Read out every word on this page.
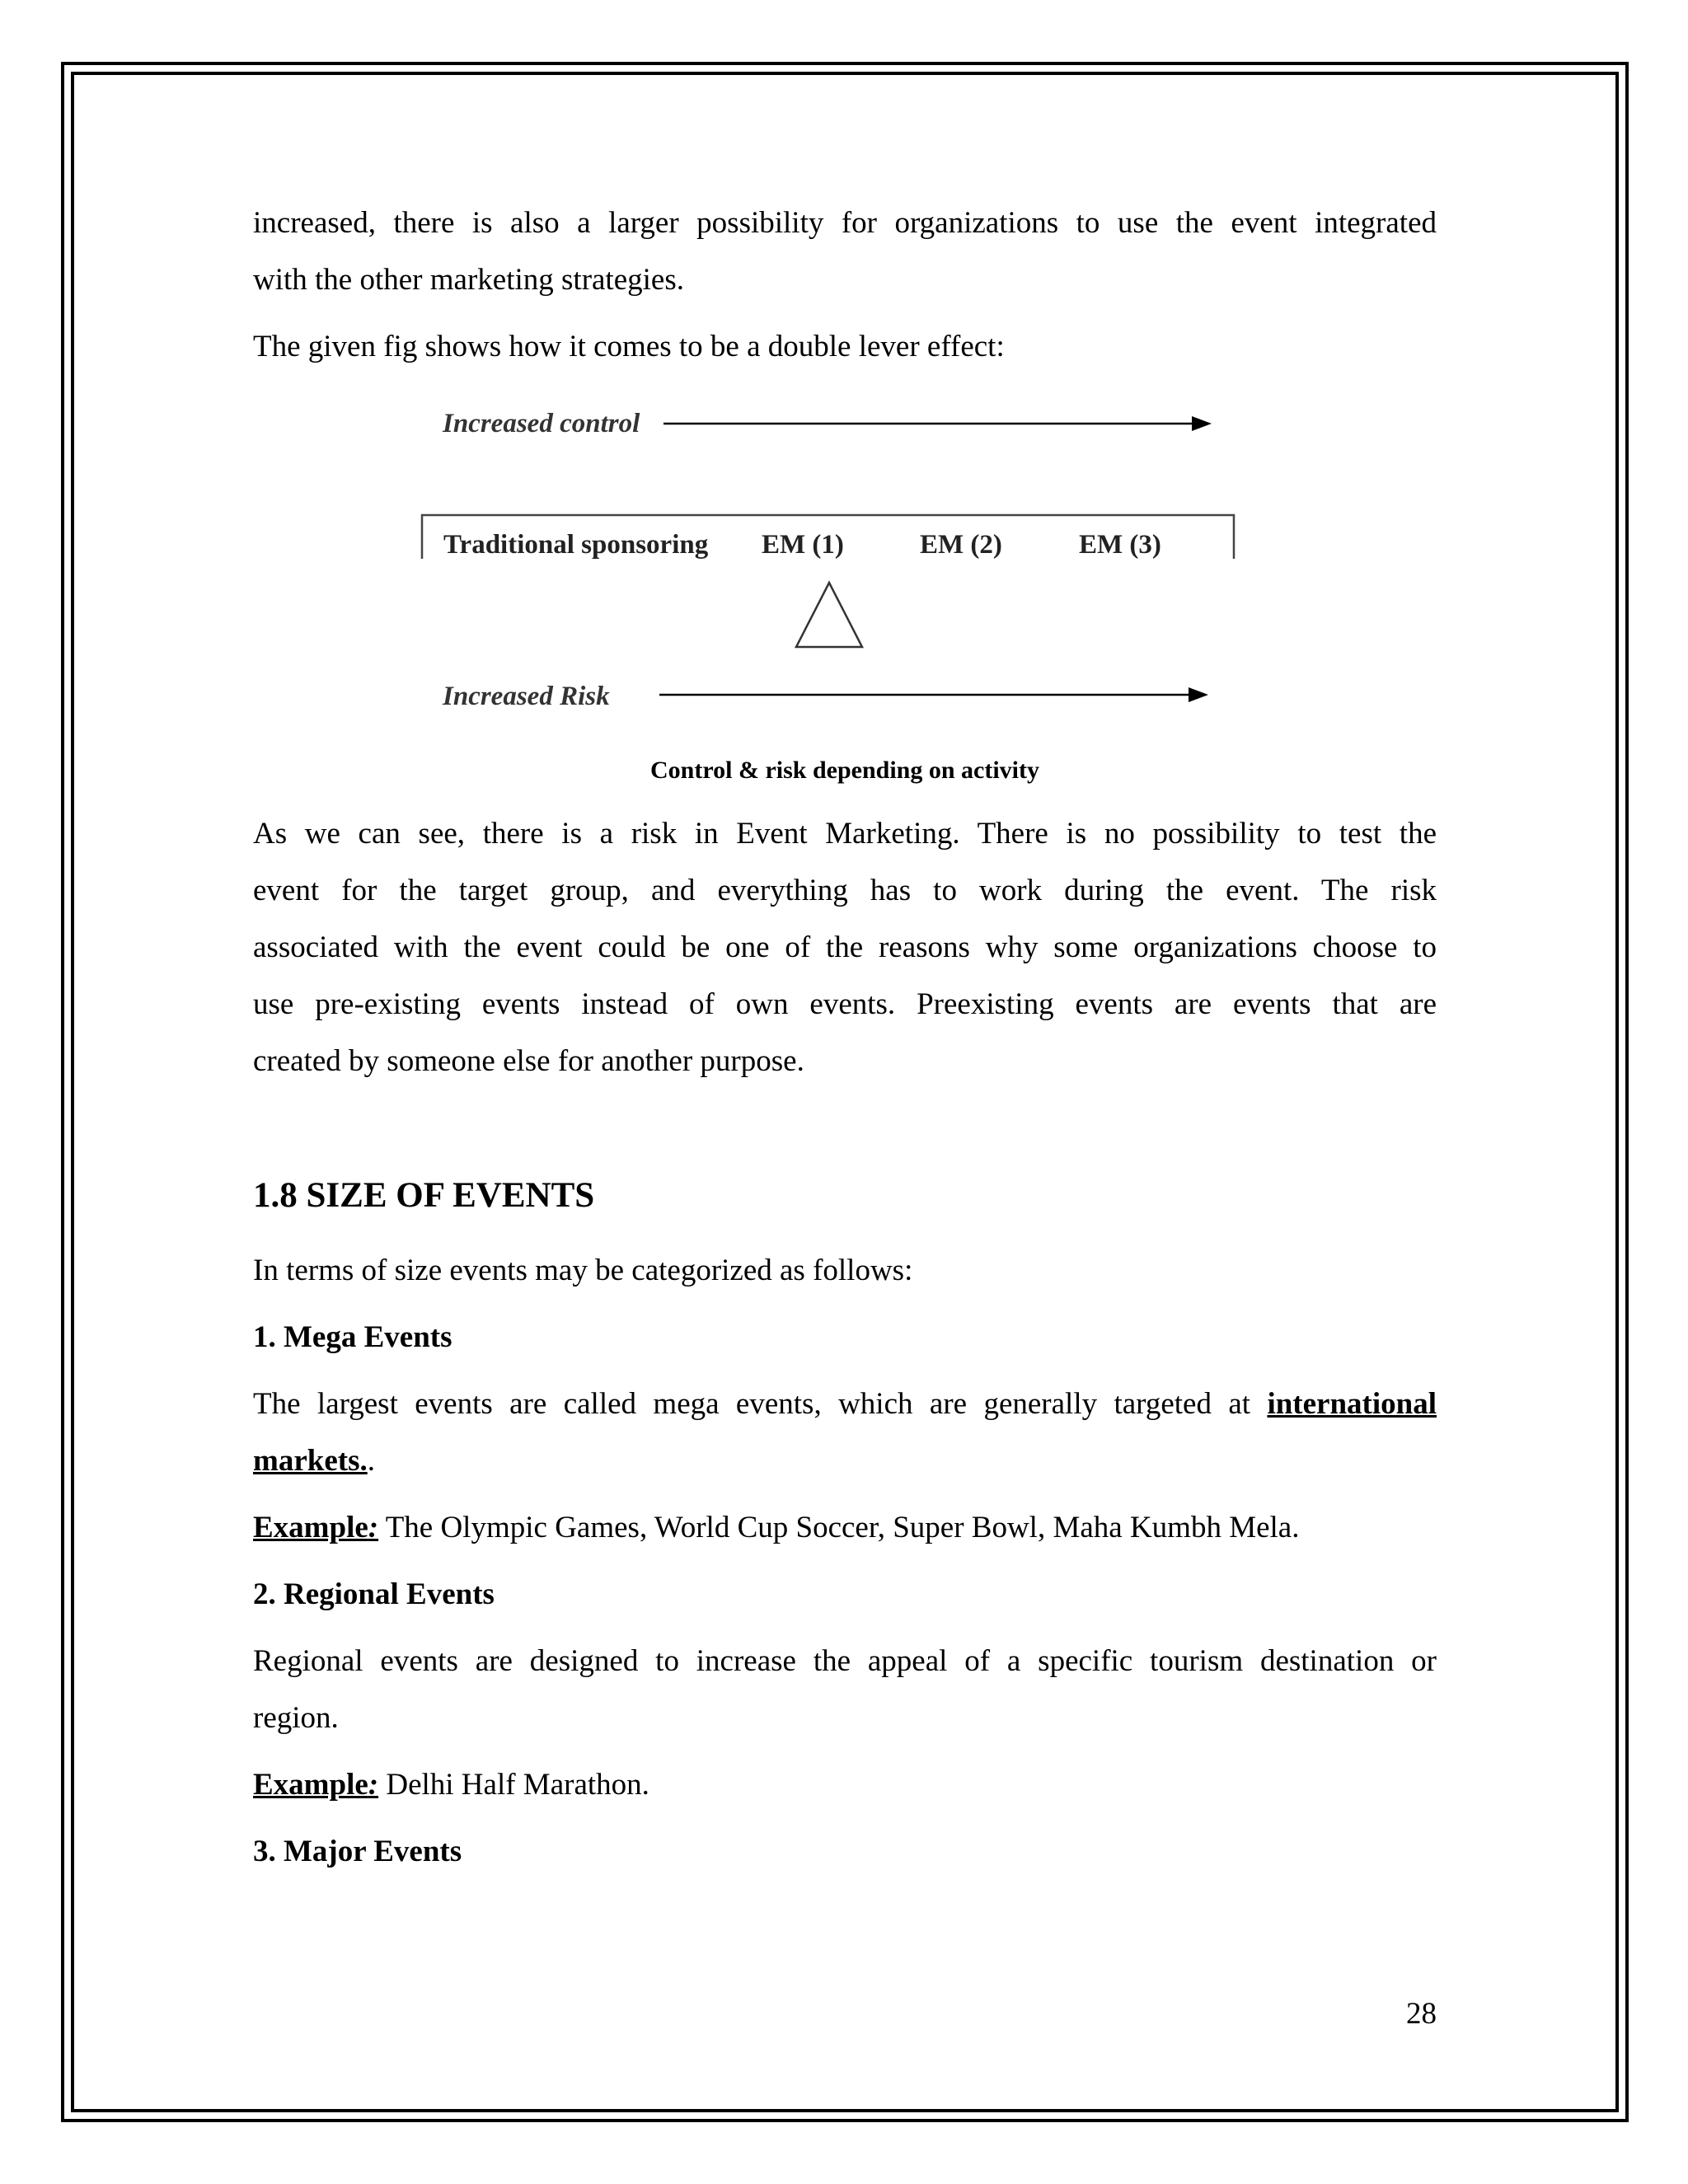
increased, there is also a larger possibility for organizations to use the event integrated

with the other marketing strategies.

The given fig shows how it comes to be a double lever effect:

Increased control
Traditional sponsoring EM (1)	EM (2)	EM (3)
Increased Risk
Control & risk depending on activity

As we can see, there is a risk in Event Marketing. There is no possibility to test the

event for the target group, and everything has to work during the event. The risk

associated with the event could be one of the reasons why some organizations choose to

use pre-existing events instead of own events. Preexisting events are events that are

created by someone else for another purpose.

1.8 SIZE OF EVENTS

In terms of size events may be categorized as follows:

1. Mega Events

The largest events are called mega events, which are generally targeted at international

markets..

Example: The Olympic Games, World Cup Soccer, Super Bowl, Maha Kumbh Mela.

2. Regional Events

Regional events are designed to increase the appeal of a specific tourism destination or

region.

Example: Delhi Half Marathon.

3. Major Events

28
